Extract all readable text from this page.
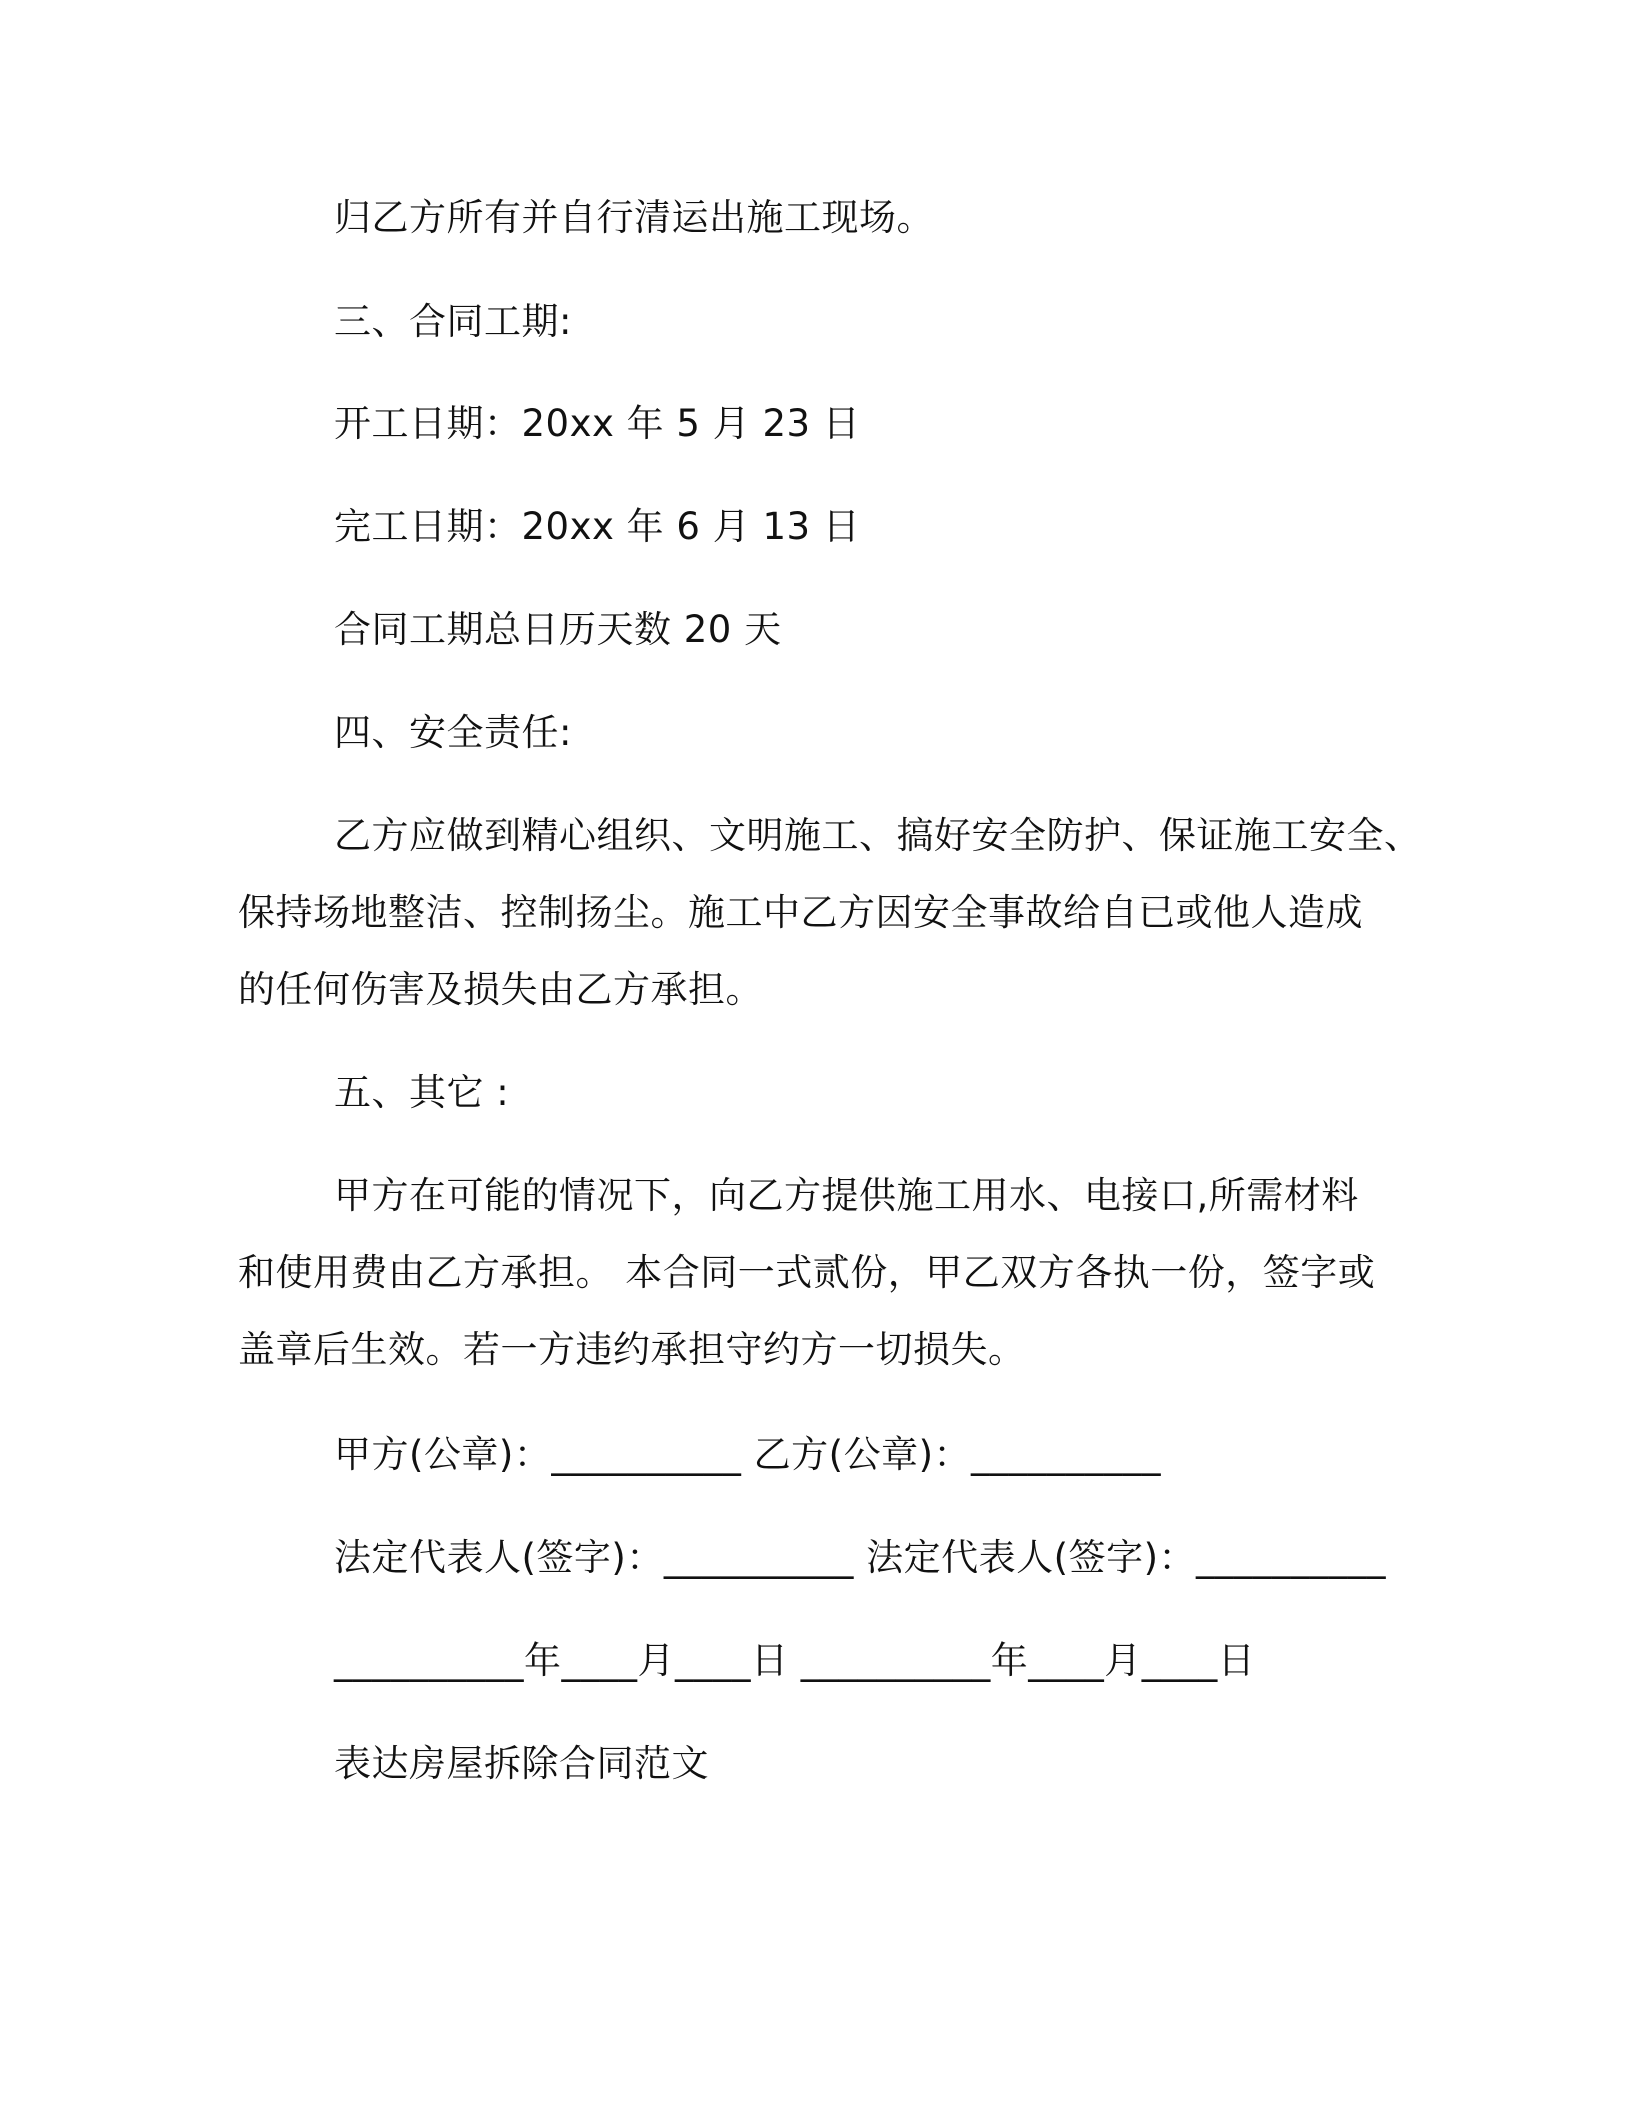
归乙方所有并自行清运出施工现场。
三、合同工期:
开工日期：20xx 年 5 月 23 日
完工日期：20xx 年 6 月 13 日
合同工期总日历天数 20 天
四、安全责任:
乙方应做到精心组织、文明施工、搞好安全防护、保证施工安全、
保持场地整洁、控制扬尘。施工中乙方因安全事故给自已或他人造成
的任何伤害及损失由乙方承担。
五、其它 :
甲方在可能的情况下，向乙方提供施工用水、电接口,所需材料
和使用费由乙方承担。 本合同一式贰份，甲乙双方各执一份，签字或
盖章后生效。若一方违约承担守约方一切损失。
甲方(公章)：__________ 乙方(公章)：__________
法定代表人(签字)：__________ 法定代表人(签字)：__________
__________年____月____日 __________年____月____日
表达房屋拆除合同范文
